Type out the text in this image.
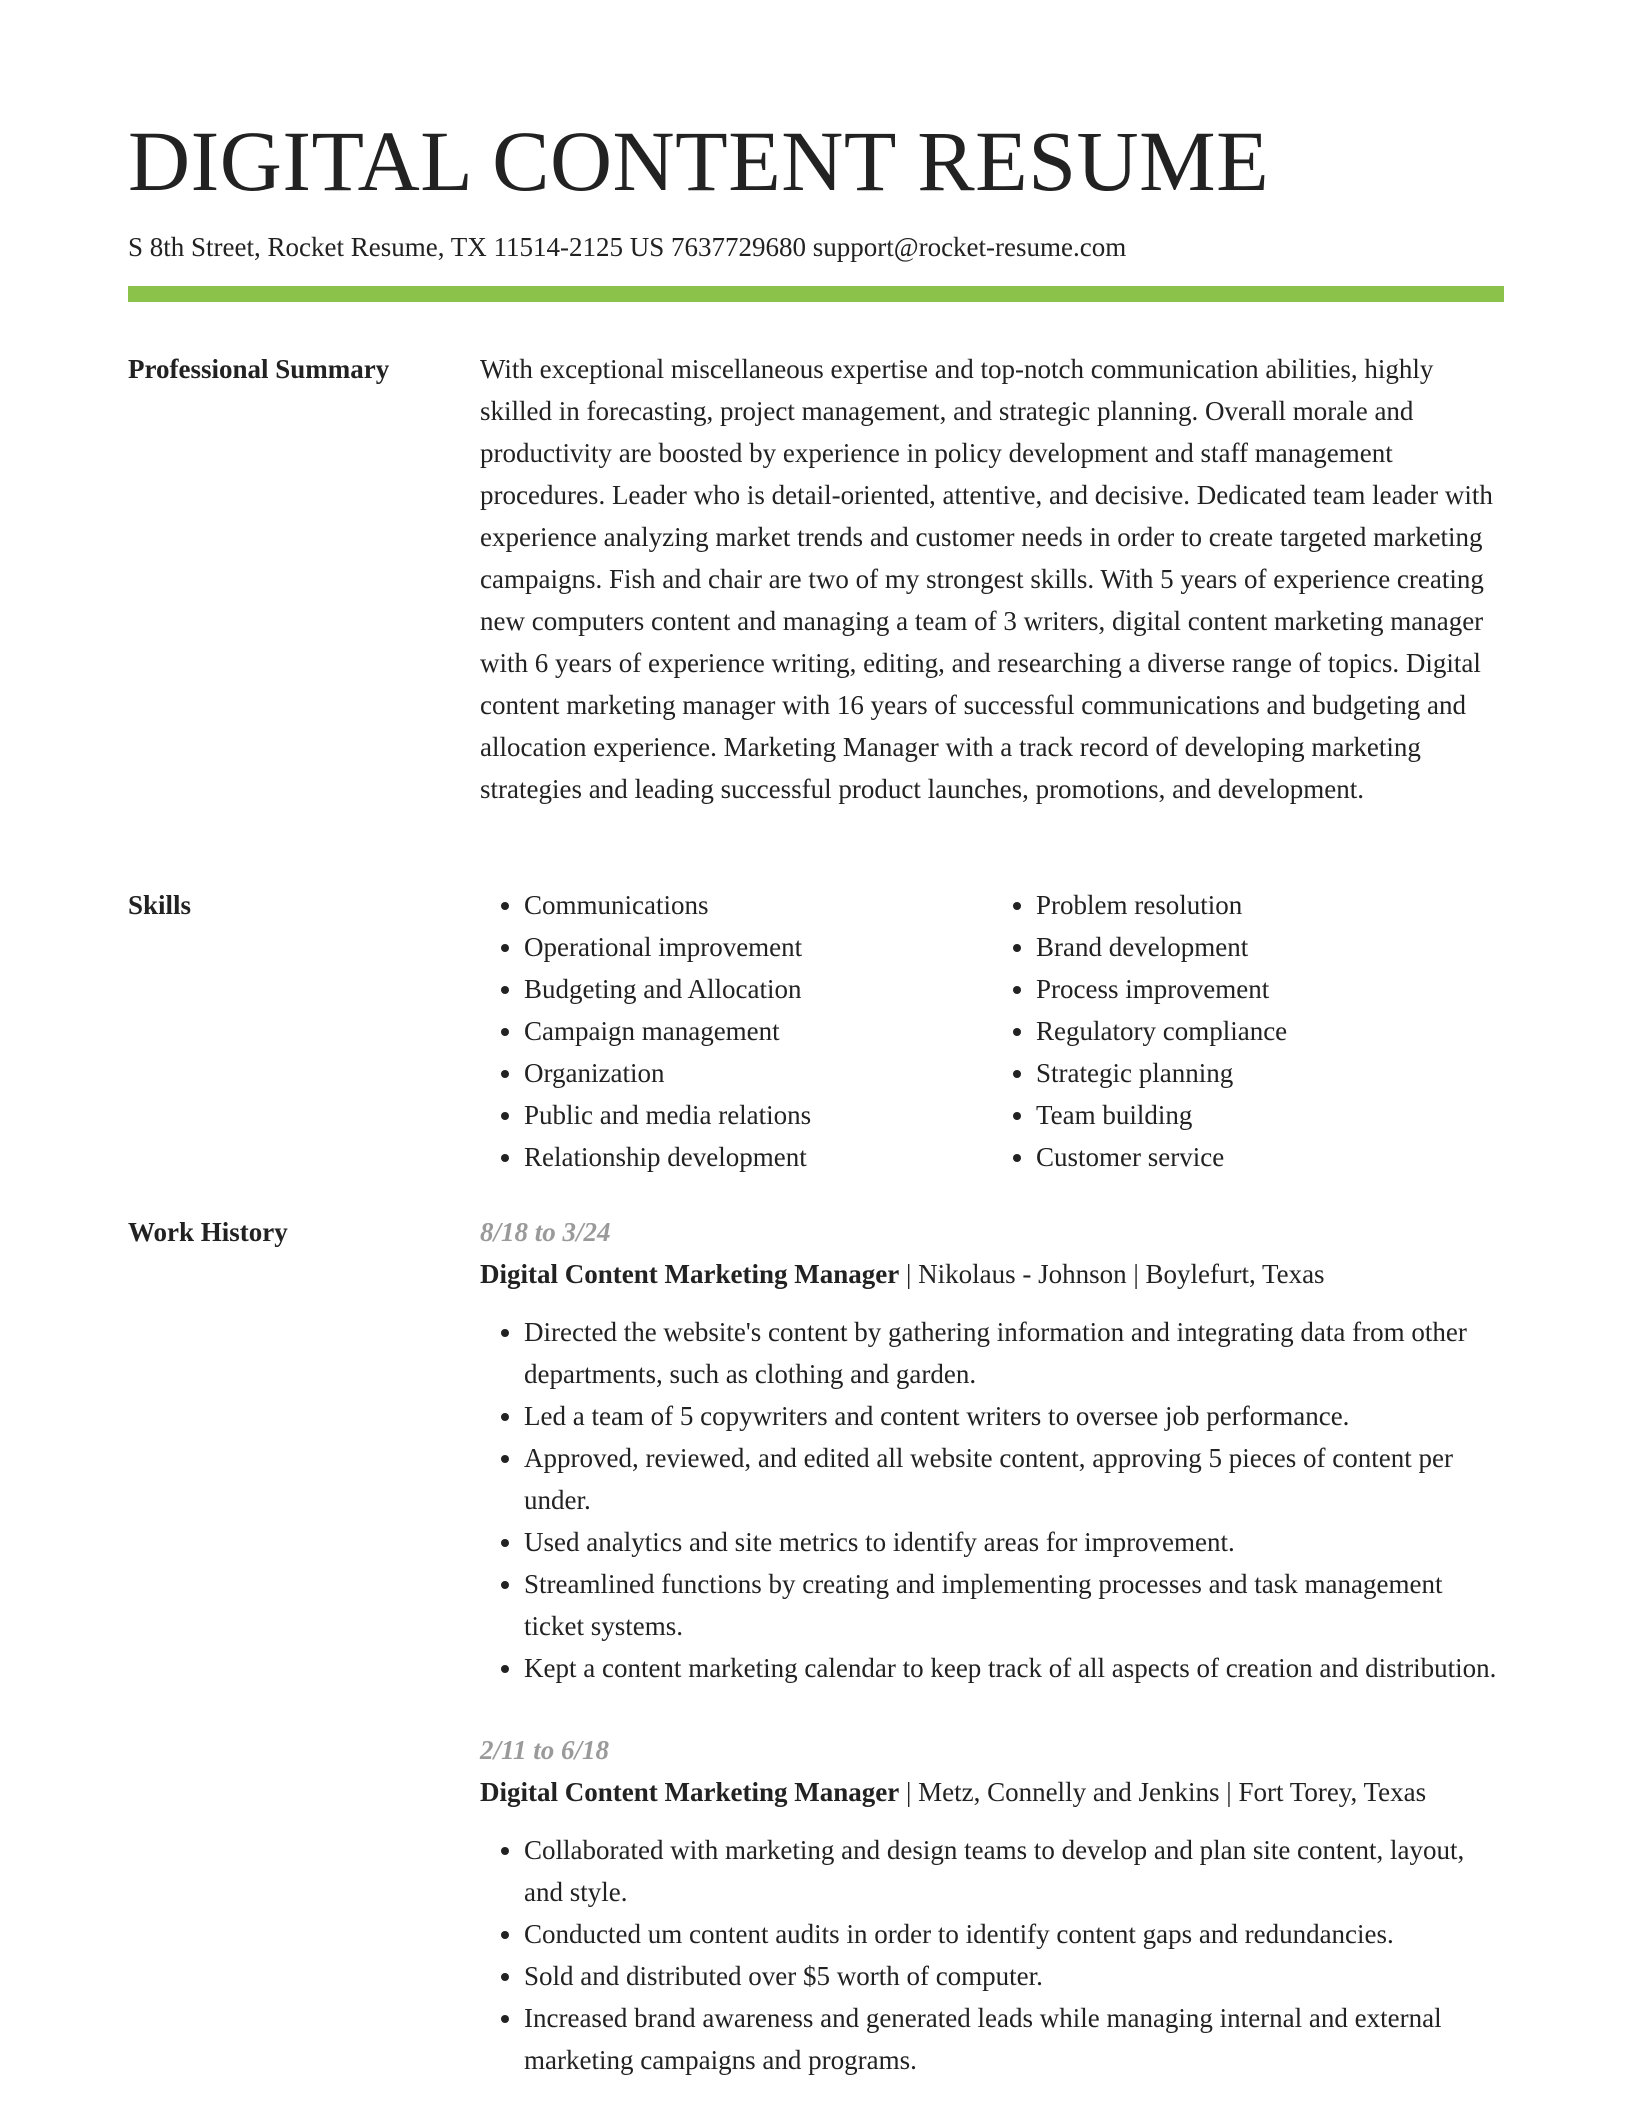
DIGITAL CONTENT RESUME
S 8th Street, Rocket Resume, TX 11514-2125 US 7637729680 support@rocket-resume.com
Professional Summary	With exceptional miscellaneous expertise and top-notch communication abilities, highly skilled in forecasting, project management, and strategic planning. Overall morale and productivity are boosted by experience in policy development and staff management procedures. Leader who is detail-oriented, attentive, and decisive. Dedicated team leader with experience analyzing market trends and customer needs in order to create targeted marketing campaigns. Fish and chair are two of my strongest skills. With 5 years of experience creating new computers content and managing a team of 3 writers, digital content marketing manager with 6 years of experience writing, editing, and researching a diverse range of topics. Digital content marketing manager with 16 years of successful communications and budgeting and allocation experience. Marketing Manager with a track record of developing marketing strategies and leading successful product launches, promotions, and development.

Skills
•	Communications
• Operational improvement
• Budgeting and Allocation
• Campaign management
• Organization
• Public and media relations
• Relationship development
• Problem resolution
• Brand development
• Process improvement
• Regulatory compliance
• Strategic planning
• Team building
• Customer service
Work History	8/18 to 3/24
Digital Content Marketing Manager | Nikolaus - Johnson | Boylefurt, Texas
• Directed the website's content by gathering information and integrating data from other departments, such as clothing and garden.
• Led a team of 5 copywriters and content writers to oversee job performance.
• Approved, reviewed, and edited all website content, approving 5 pieces of content per under.
• Used analytics and site metrics to identify areas for improvement.
• Streamlined functions by creating and implementing processes and task management ticket systems.
• Kept a content marketing calendar to keep track of all aspects of creation and distribution.
2/11 to 6/18
Digital Content Marketing Manager | Metz, Connelly and Jenkins | Fort Torey, Texas
• Collaborated with marketing and design teams to develop and plan site content, layout, and style.
• Conducted um content audits in order to identify content gaps and redundancies.
• Sold and distributed over $5 worth of computer.
• Increased brand awareness and generated leads while managing internal and external marketing campaigns and programs.
